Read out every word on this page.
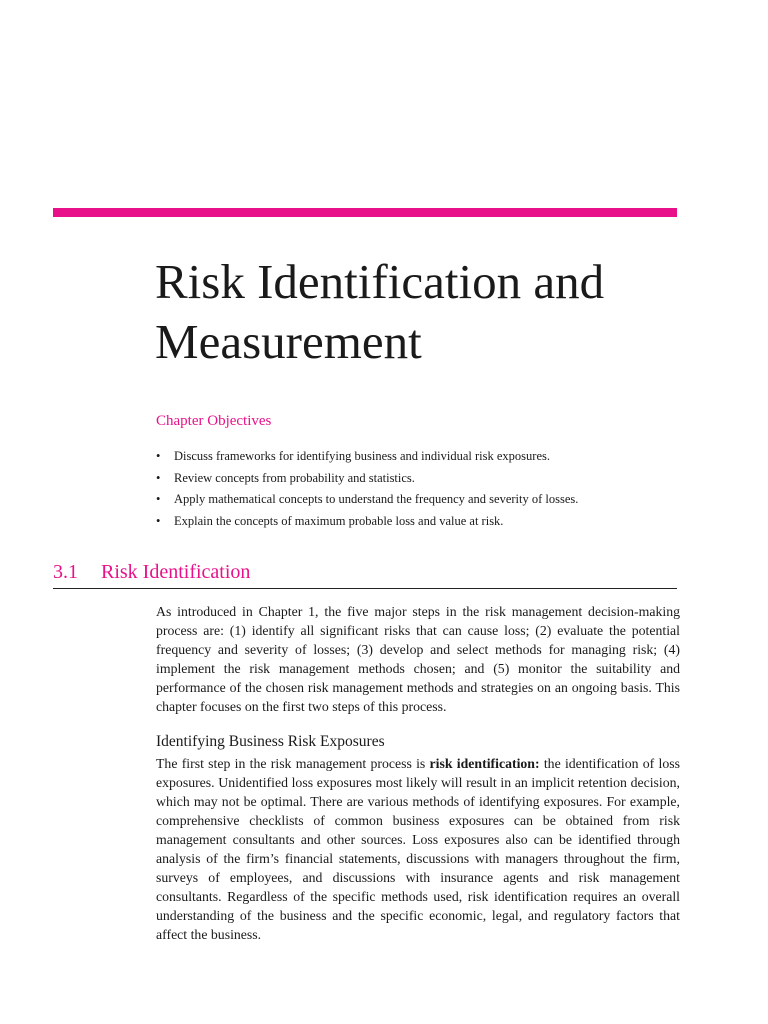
Risk Identification and
Measurement
Chapter Objectives
• Discuss frameworks for identifying business and individual risk exposures.
• Review concepts from probability and statistics.
• Apply mathematical concepts to understand the frequency and severity of losses.
• Explain the concepts of maximum probable loss and value at risk.
3.1 Risk Identification

As introduced in Chapter 1, the five major steps in the risk management decision-making process are: (1) identify all significant risks that can cause loss; (2) evaluate the potential frequency and severity of losses; (3) develop and select methods for managing risk; (4) implement the risk management methods chosen; and (5) monitor the suitability and performance of the chosen risk management methods and strategies on an ongoing basis. This chapter focuses on the first two steps of this process.

Identifying Business Risk Exposures

The first step in the risk management process is risk identification: the identification of loss exposures. Unidentified loss exposures most likely will result in an implicit retention decision, which may not be optimal. There are various methods of identifying exposures. For example, comprehensive checklists of common business exposures can be obtained from risk management consultants and other sources. Loss exposures also can be identified through analysis of the firm’s financial statements, discussions with managers throughout the firm, surveys of employees, and discussions with insurance agents and risk management consultants. Regardless of the specific methods used, risk identification requires an overall understanding of the business and the specific economic, legal, and regulatory factors that affect the business.
